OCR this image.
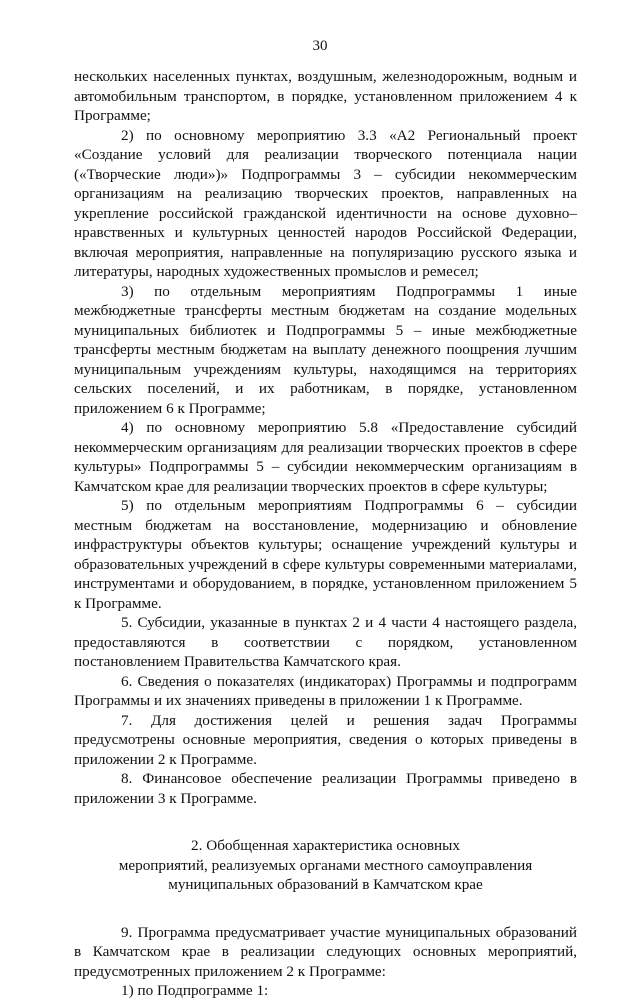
30

нескольких населенных пунктах, воздушным, железнодорожным, водным и автомобильным транспортом, в порядке, установленном приложением 4 к Программе;

2) по основному мероприятию 3.3 «А2 Региональный проект «Создание условий для реализации творческого потенциала нации («Творческие люди»)» Подпрограммы 3 – субсидии некоммерческим организациям на реализацию творческих проектов, направленных на укрепление российской гражданской идентичности на основе духовно–нравственных и культурных ценностей народов Российской Федерации, включая мероприятия, направленные на популяризацию русского языка и литературы, народных художественных промыслов и ремесел;

3) по отдельным мероприятиям Подпрограммы 1 иные межбюджетные трансферты местным бюджетам на создание модельных муниципальных библиотек и Подпрограммы 5 – иные межбюджетные трансферты местным бюджетам на выплату денежного поощрения лучшим муниципальным учреждениям культуры, находящимся на территориях сельских поселений, и их работникам, в порядке, установленном приложением 6 к Программе;

4) по основному мероприятию 5.8 «Предоставление субсидий некоммерческим организациям для реализации творческих проектов в сфере культуры» Подпрограммы 5 – субсидии некоммерческим организациям в Камчатском крае для реализации творческих проектов в сфере культуры;

5) по отдельным мероприятиям Подпрограммы 6 – субсидии местным бюджетам на восстановление, модернизацию и обновление инфраструктуры объектов культуры; оснащение учреждений культуры и образовательных учреждений в сфере культуры современными материалами, инструментами и оборудованием, в порядке, установленном приложением 5 к Программе.

5. Субсидии, указанные в пунктах 2 и 4 части 4 настоящего раздела, предоставляются в соответствии с порядком, установленном постановлением Правительства Камчатского края.

6. Сведения о показателях (индикаторах) Программы и подпрограмм Программы и их значениях приведены в приложении 1 к Программе.

7. Для достижения целей и решения задач Программы предусмотрены основные мероприятия, сведения о которых приведены в приложении 2 к Программе.

8. Финансовое обеспечение реализации Программы приведено в приложении 3 к Программе.

2. Обобщенная характеристика основных
мероприятий, реализуемых органами местного самоуправления
муниципальных образований в Камчатском крае

9. Программа предусматривает участие муниципальных образований в Камчатском крае в реализации следующих основных мероприятий, предусмотренных приложением 2 к Программе:

1) по Подпрограмме 1:
